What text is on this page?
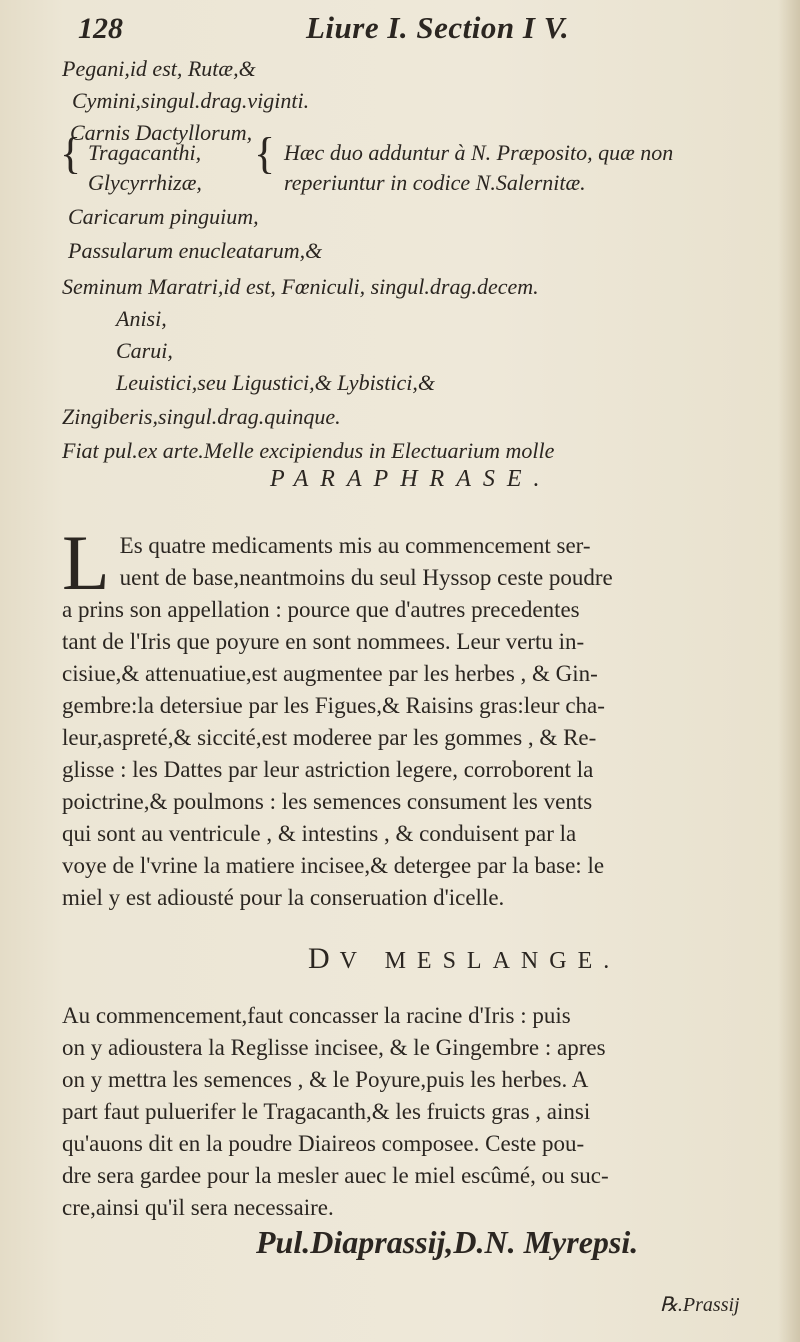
128	Liure I. Section I V.
Pegani,id est, Rutæ,&
Cymini,singul.drag.viginti.
Carnis Dactyllorum,
{ Tragacanthi,
Glycyrrhizæ,
{ Hæc duo adduntur à N. Præposito, quæ non
reperiuntur in codice N.Salernitæ.
Caricarum pinguium,
Passularum enucleatarum,&
Seminum Maratri,id est, Fœniculi, singul.drag.decem.
Anisi,
Carui,
Leuistici,seu Ligustici,& Lybistici,&
Zingiberis,singul.drag.quinque.
Fiat pul.ex arte.Melle excipiendus in Electuarium molle
PARAPHRASE.
L Es quatre medicaments mis au commencement ser-
uent de base,neantmoins du seul Hyssop ceste poudre
a prins son appellation : pource que d'autres precedentes
tant de l'Iris que poyure en sont nommees. Leur vertu in-
cisiue,& attenuatiue,est augmentee par les herbes , & Gin-
gembre:la detersiue par les Figues,& Raisins gras:leur cha-
leur,aspreté,& siccité,est moderee par les gommes , & Re-
glisse : les Dattes par leur astriction legere, corroborent la
poictrine,& poulmons : les semences consument les vents
qui sont au ventricule , & intestins , & conduisent par la
voye de l'vrine la matiere incisee,& detergee par la base: le
miel y est adiousté pour la conseruation d'icelle.
DV MESLANGE.
Au commencement,faut concasser la racine d'Iris : puis
on y adioustera la Reglisse incisee, & le Gingembre : apres
on y mettra les semences , & le Poyure,puis les herbes. A
part faut puluerifer le Tragacanth,& les fruicts gras , ainsi
qu'auons dit en la poudre Diaireos composee. Ceste pou-
dre sera gardee pour la mesler auec le miel escûmé, ou suc-
cre,ainsi qu'il sera necessaire.
Pul.Diaprassij,D.N. Myrepsi.
℞.Prassij
